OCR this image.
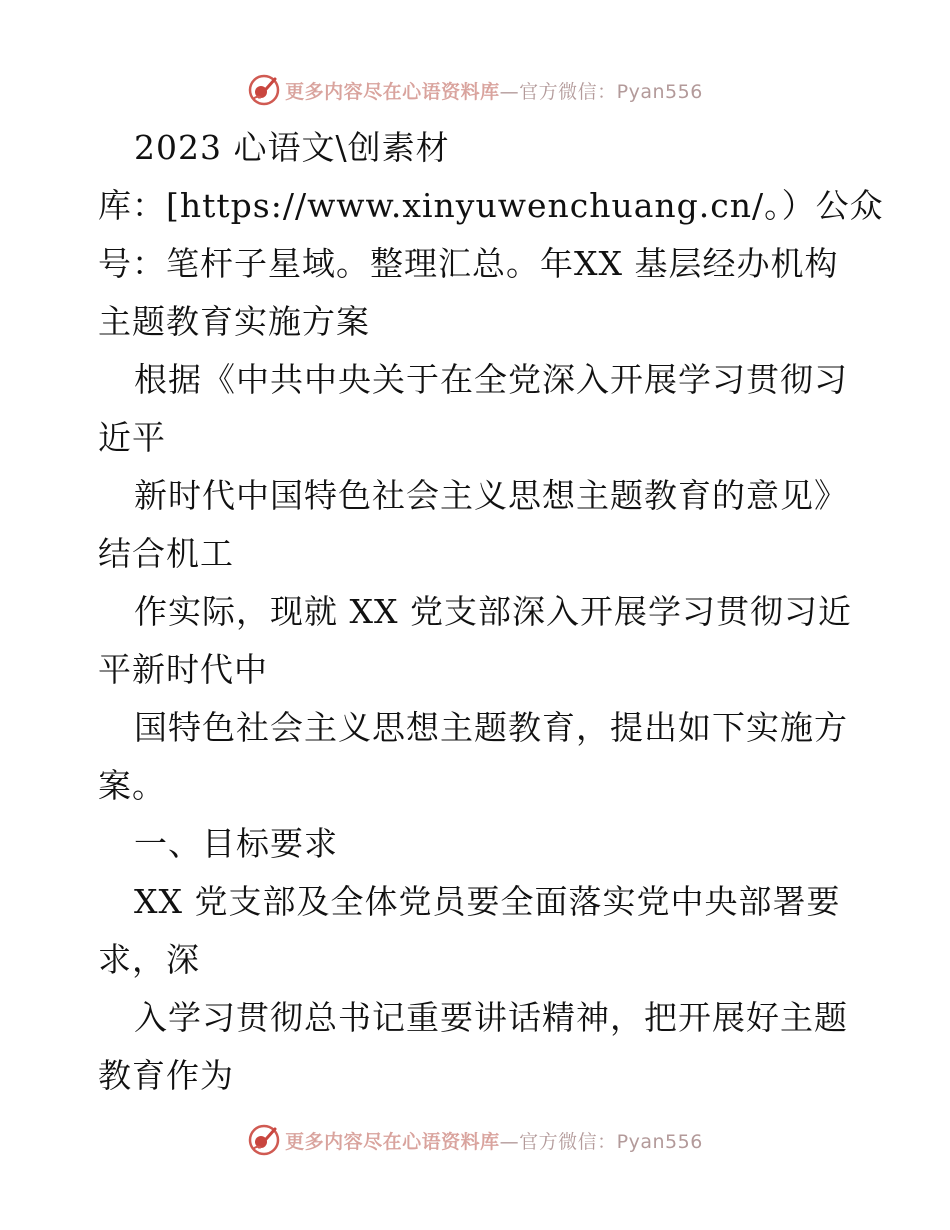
更多内容尽在心语资料库 —官方微信：Pyan556
2023 心语文\创素材
库：[https://www.xinyuwenchuang.cn/。）公众
号：笔杆子星域。整理汇总。年XX 基层经办机构
主题教育实施方案
根据《中共中央关于在全党深入开展学习贯彻习
近平
新时代中国特色社会主义思想主题教育的意见》
结合机工
作实际，现就 XX 党支部深入开展学习贯彻习近
平新时代中
国特色社会主义思想主题教育，提出如下实施方
案。
一、目标要求
XX 党支部及全体党员要全面落实党中央部署要
求，深
入学习贯彻总书记重要讲话精神，把开展好主题
教育作为
更多内容尽在心语资料库 —官方微信：Pyan556
